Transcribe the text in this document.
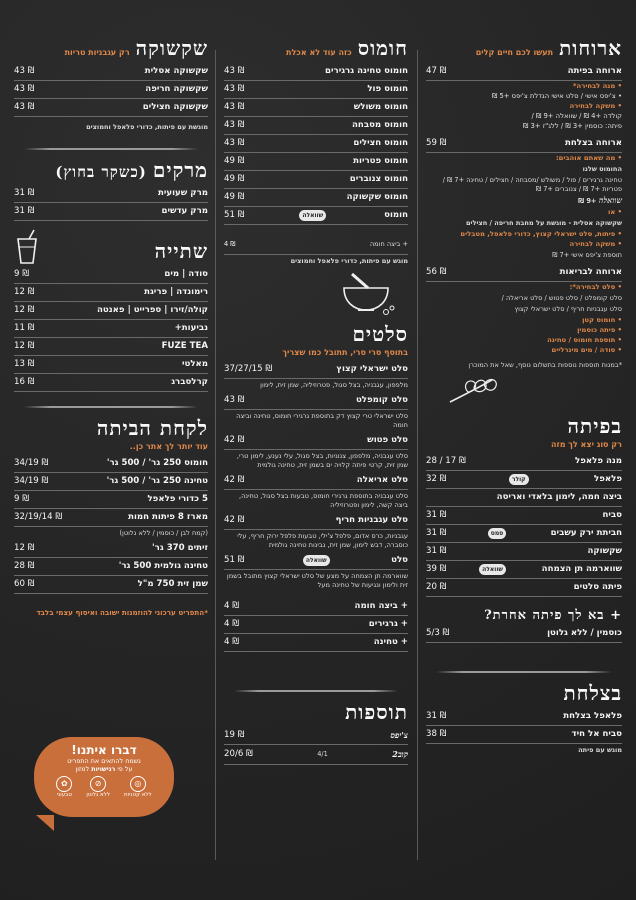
ארוחות
תעשו לכם חיים קלים
ארוחה בפיתה
47 ₪
• מנה לבחירה*
• צ'יפס אישי / סלט אישי הגדלת צ'יפס +5 ₪
• משקה לבחירה
קולדה +4 ₪ / שוואלה +9 ₪ /
פיתה: כוסמין +3 ₪ / ללג"ז +3 ₪
ארוחה בצלחת
59 ₪
• מה שאתם אוהבים:
החומוס שלנו
טחינה גרגירים / פול / משולש /מסבחה / חצילים / טחינה +7 ₪ / פטריות +7 ₪ / צנוברים +7 ₪
שוואלה +9 ₪
• או
שקשוקה אסלית - מוגשת על מחבת חריפה / חצילים
• פיתות, סלט ישראלי קצוץ, כדורי פלאפל, מטבלים
• משקה לבחירה
תוספת צ'יפס אישי +7 ₪
ארוחה לבריאות
56 ₪
• סלט לבחירה*:
סלט קומפלט / סלט פטוש / סלט אריאלה /
סלט עגבניות חריף / סלט ישראלי קצוץ
• חומוס קטן
• פיתה כוסמין
• תוספת חומוס / טחינה
• סודה / מים מינרליים
*במנות תוספות נוספות בתשלום נוסף, שאל את המוכרן
בפיתה
רק סוג יצא לך מזה
מנה פלאפל
28 / 17 ₪
פלאפל
קולר
32 ₪
ביצה חמה, לימון בלאדי ואריסה
סביח
31 ₪
חביתת ירק עשבים
סמס
31 ₪
שקשוקה
31 ₪
שווארמה תן הצמחה
שוואלה
39 ₪
פיתה סלטים
20 ₪
+ בא לך פיתה אחרת?
כוסמין / ללא גלוטן
5/3 ₪
בצלחת
פלאפל בצלחת
31 ₪
סביח אל חיד
38 ₪
מוגש עם פיתה
חומוס
כזה עוד לא אכלת
חומוס טחינה גרגירים
43 ₪
חומוס פול
43 ₪
חומוס משולש
43 ₪
חומוס מסבחה
43 ₪
חומוס חצילים
43 ₪
חומוס פטריות
49 ₪
חומוס צנוברים
49 ₪
חומוס שקשוקה
49 ₪
חומוס
שוואלה
51 ₪
+ ביצה חומה
4 ₪
מוגש עם פיתות, כדורי פלאפל וחמוצים
סלטים
בתוסף סרי סרי, תתובל כמו שצריך
סלט ישראלי קצוץ
37/27/15 ₪
מלפפון, עגבניה, בצל סגול, פטרוזיליה, שמן זית, לימון
סלט קומפלט
43 ₪
סלט ישראלי טרי קצוץ דק בתוספת גרגירי חומוס, טחינה וביצה חומה
סלט פטוש
42 ₪
סלט עגבניה, מלפפון, צנוניות, בצל סגול, עלי נענע, לימון טרי, שמן זית, קרטי פיתה קלויה ים בשמן זית, טחינה גולמית
סלט אריאלה
42 ₪
סלט עגבניה בתוספת גרגירי חומוס, טבעות בצל סגול, טחינה, ביצה קשה, לימון ופטרוזיליה
סלט עגבניות חריף
42 ₪
עגבניות, כרס אדום, פלפל צ'ילי, טבעות פלפל ירוק חריף, עלי כוסברה, דבש לימון, שמן זית, גבינות טחינה גולמית
סלט
שוואלה
51 ₪
שווארמה תן הצמחה על מצע של סלט ישראלי קצוץ מתובל בשמן זית ולימון ונגיעות של טחינה מעל
+ ביצה חומה
4 ₪
+ גרגירים
4 ₪
+ טחינה
4 ₪
תוספות
צ'יפס
19 ₪
קוב2
4/1
20/6 ₪
שקשוקה
רק עגבניות טריות
שקשוקה אסלית
43 ₪
שקשוקה חריפה
43 ₪
שקשוקה חצילים
43 ₪
מוגשת עם פיתות, כדורי פלאפל וחמוצים
מרקים
(כשקר בחוץ)
מרק שעועית
31 ₪
מרק עדשים
31 ₪
שתייה
סודה | מים
9 ₪
רימונדה | פריגת
12 ₪
קולה/זירו | ספרייט | פאנטה
12 ₪
נביעות+
11 ₪
FUZE TEA
12 ₪
מאלטי
13 ₪
קרלסברג
16 ₪
לקחת הביתה
עוד יותר לך אתר כן..
חומוס 250 גר' / 500 גר'
34/19 ₪
טחינה 250 גר' / 500 גר'
34/19 ₪
5 כדורי פלאפל
9 ₪
מארז 8 פיתות חמות
32/19/14 ₪
(קמח לבן / כוסמין / ללא גלוטן)
זיתים 370 גר'
12 ₪
טחינה גולמית 500 גר'
28 ₪
שמן זית 750 מ"ל
60 ₪
*התפריט ערכוני להוזמנות ישובה ואיסוף עצמי בלבד
דברו איתנו!
נשמח להתאים את התפריט
על פי רגישויות למזון
◎
ללא קטניות
⊘
ללא גלוטן
✿
טבעוני
